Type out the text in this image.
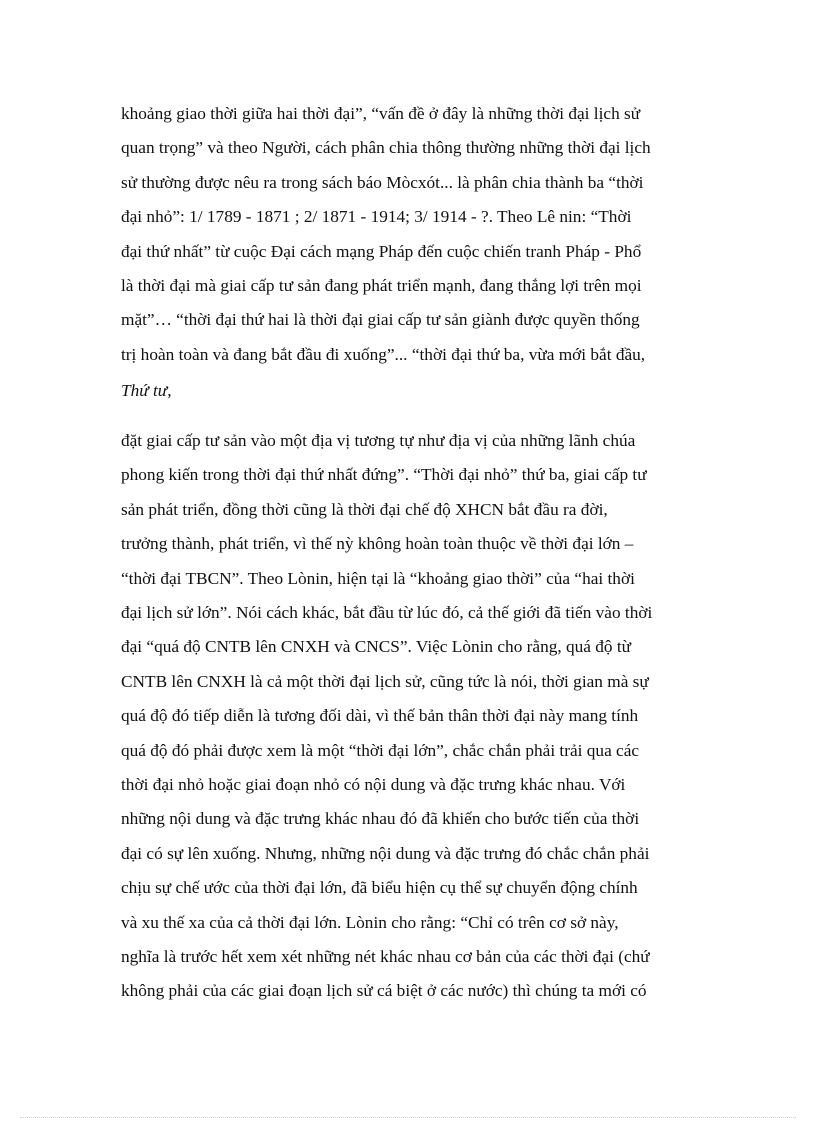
khoảng giao thời giữa hai thời đại”, “vấn đề ở đây là những thời đại lịch sử
quan trọng” và theo Người, cách phân chia thông thường những thời đại lịch
sử thường được nêu ra trong sách báo Mòcxót... là phân chia thành ba “thời
đại nhỏ”: 1/ 1789 - 1871 ; 2/ 1871 - 1914; 3/ 1914 - ?. Theo Lê nin: “Thời
đại thứ nhất” từ cuộc Đại cách mạng Pháp đến cuộc chiến tranh Pháp - Phổ
là thời đại mà giai cấp tư sản đang phát triển mạnh, đang thắng lợi trên mọi
mặt”… “thời đại thứ hai là thời đại giai cấp tư sản giành được quyền thống
trị hoàn toàn và đang bắt đầu đi xuống”... “thời đại thứ ba, vừa mới bắt đầu,
Thứ tư,
đặt giai cấp tư sản vào một địa vị tương tự như địa vị của những lãnh chúa
phong kiến trong thời đại thứ nhất đứng”. “Thời đại nhỏ” thứ ba, giai cấp tư
sản phát triển, đồng thời cũng là thời đại chế độ XHCN bắt đầu ra đời,
trưởng thành, phát triển, vì thế nỳ không hoàn toàn thuộc về thời đại lớn –
“thời đại TBCN”. Theo Lònin, hiện tại là “khoảng giao thời” của “hai thời
đại lịch sử lớn”. Nói cách khác, bắt đầu từ lúc đó, cả thế giới đã tiến vào thời
đại “quá độ CNTB lên CNXH và CNCS”. Việc Lònin cho rằng, quá độ từ
CNTB lên CNXH là cả một thời đại lịch sử, cũng tức là nói, thời gian mà sự
quá độ đó tiếp diễn là tương đối dài, vì thế bản thân thời đại này mang tính
quá độ đó phải được xem là một “thời đại lớn”, chắc chắn phải trải qua các
thời đại nhỏ hoặc giai đoạn nhỏ có nội dung và đặc trưng khác nhau. Với
những nội dung và đặc trưng khác nhau đó đã khiến cho bước tiến của thời
đại có sự lên xuống. Nhưng, những nội dung và đặc trưng đó chắc chắn phải
chịu sự chế ước của thời đại lớn, đã biểu hiện cụ thể sự chuyển động chính
và xu thế xa của cả thời đại lớn. Lònin cho rằng: “Chỉ có trên cơ sở này,
nghĩa là trước hết xem xét những nét khác nhau cơ bản của các thời đại (chứ
không phải của các giai đoạn lịch sử cá biệt ở các nước) thì chúng ta mới có
